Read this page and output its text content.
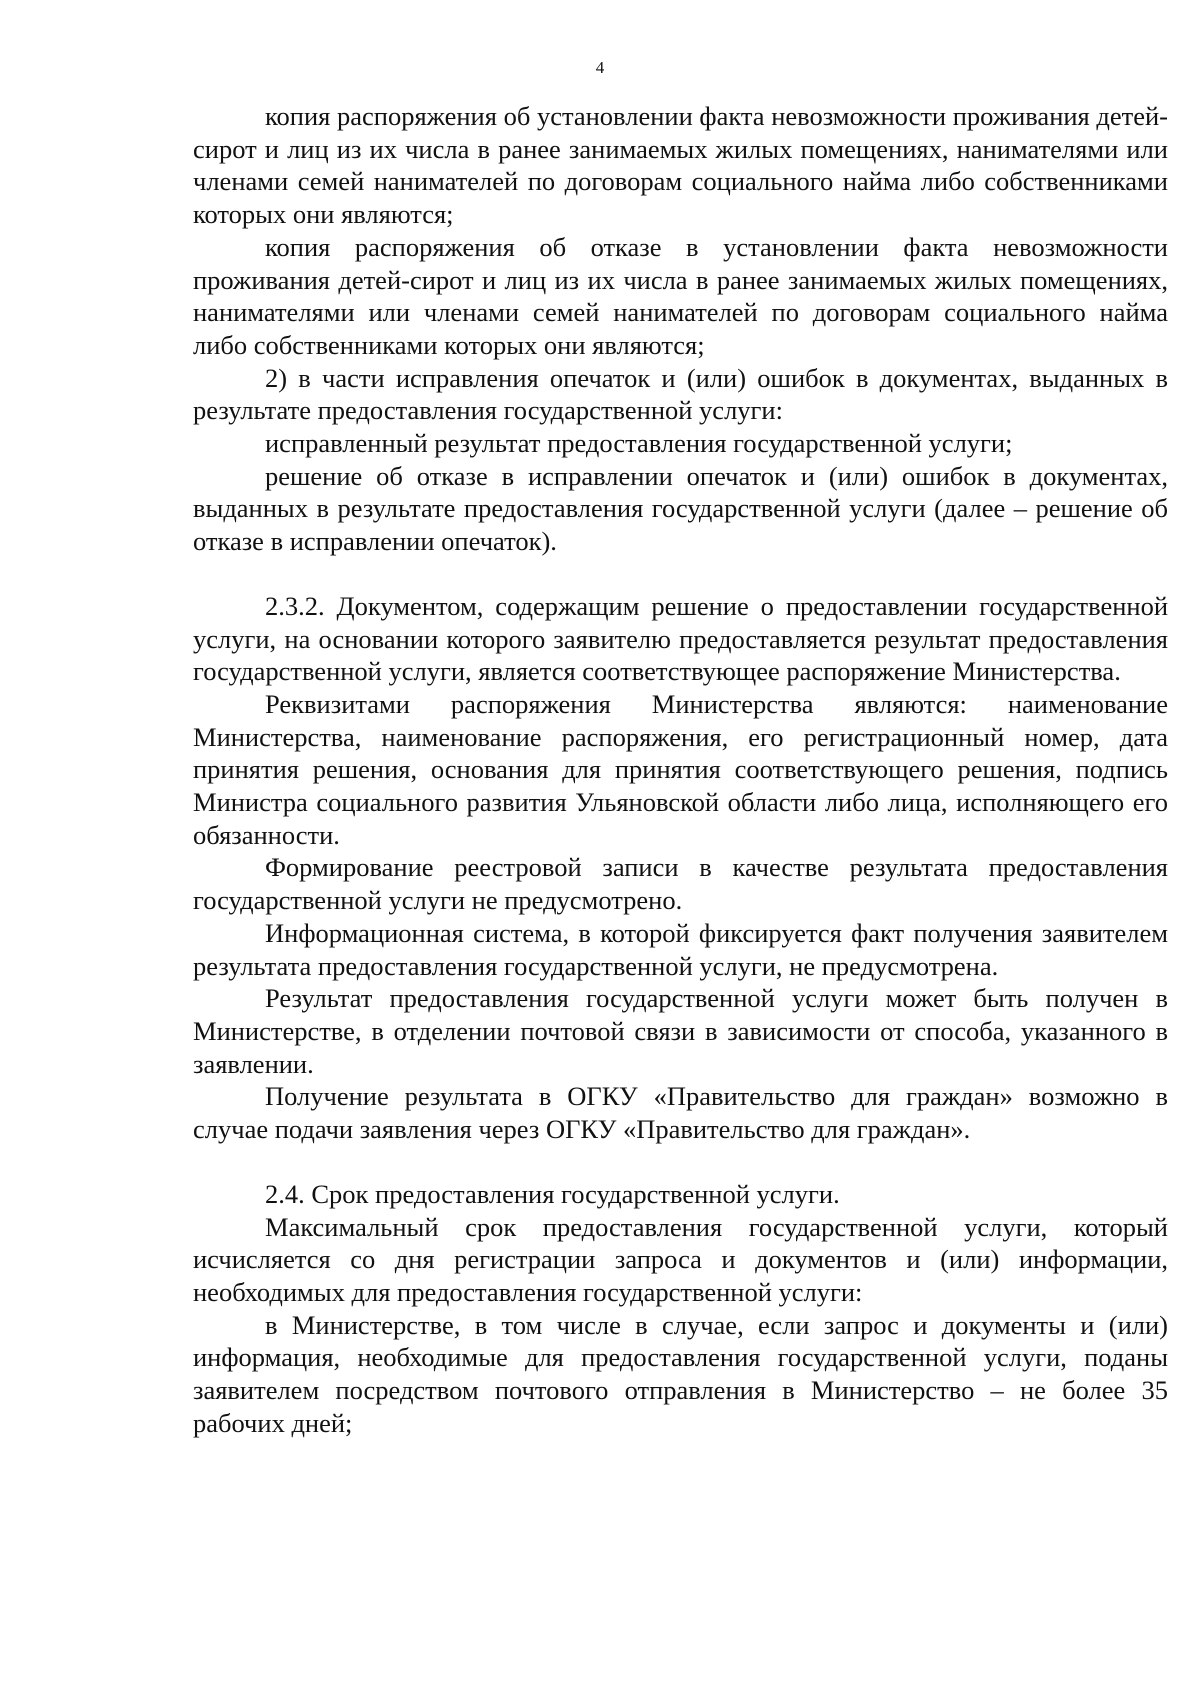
4

копия распоряжения об установлении факта невозможности проживания детей-сирот и лиц из их числа в ранее занимаемых жилых помещениях, нанимателями или членами семей нанимателей по договорам социального найма либо собственниками которых они являются;

копия распоряжения об отказе в установлении факта невозможности проживания детей-сирот и лиц из их числа в ранее занимаемых жилых помещениях, нанимателями или членами семей нанимателей по договорам социального найма либо собственниками которых они являются;

2) в части исправления опечаток и (или) ошибок в документах, выданных в результате предоставления государственной услуги:

исправленный результат предоставления государственной услуги;

решение об отказе в исправлении опечаток и (или) ошибок в документах, выданных в результате предоставления государственной услуги (далее – решение об отказе в исправлении опечаток).

2.3.2. Документом, содержащим решение о предоставлении государственной услуги, на основании которого заявителю предоставляется результат предоставления государственной услуги, является соответствующее распоряжение Министерства.

Реквизитами распоряжения Министерства являются: наименование Министерства, наименование распоряжения, его регистрационный номер, дата принятия решения, основания для принятия соответствующего решения, подпись Министра социального развития Ульяновской области либо лица, исполняющего его обязанности.

Формирование реестровой записи в качестве результата предоставления государственной услуги не предусмотрено.

Информационная система, в которой фиксируется факт получения заявителем результата предоставления государственной услуги, не предусмотрена.

Результат предоставления государственной услуги может быть получен в Министерстве, в отделении почтовой связи в зависимости от способа, указанного в заявлении.

Получение результата в ОГКУ «Правительство для граждан» возможно в случае подачи заявления через ОГКУ «Правительство для граждан».

2.4. Срок предоставления государственной услуги.

Максимальный срок предоставления государственной услуги, который исчисляется со дня регистрации запроса и документов и (или) информации, необходимых для предоставления государственной услуги:

в Министерстве, в том числе в случае, если запрос и документы и (или) информация, необходимые для предоставления государственной услуги, поданы заявителем посредством почтового отправления в Министерство – не более 35 рабочих дней;
